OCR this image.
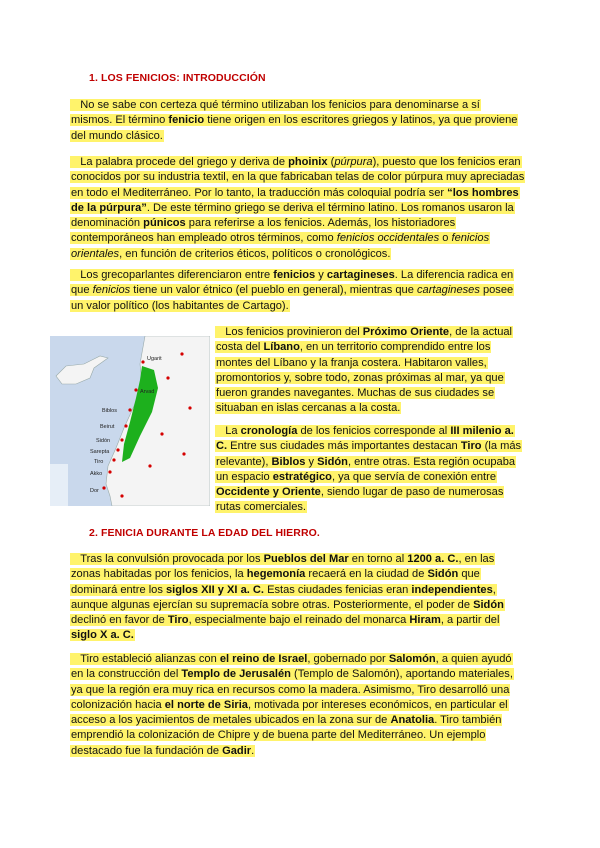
1. LOS FENICIOS: INTRODUCCIÓN
No se sabe con certeza qué término utilizaban los fenicios para denominarse a sí mismos. El término fenicio tiene origen en los escritores griegos y latinos, ya que proviene del mundo clásico.
La palabra procede del griego y deriva de phoinix (púrpura), puesto que los fenicios eran conocidos por su industria textil, en la que fabricaban telas de color púrpura muy apreciadas en todo el Mediterráneo. Por lo tanto, la traducción más coloquial podría ser “los hombres de la púrpura”. De este término griego se deriva el término latino. Los romanos usaron la denominación púnicos para referirse a los fenicios. Además, los historiadores contemporáneos han empleado otros términos, como fenicios occidentales o fenicios orientales, en función de criterios éticos, políticos o cronológicos.
Los grecoparlantes diferenciaron entre fenicios y cartagineses. La diferencia radica en que fenicios tiene un valor étnico (el pueblo en general), mientras que cartagineses posee un valor político (los habitantes de Cartago).
Ugarit
Arvad
Biblos
Beirut
Sidón
Sarepta
Tiro
Akko
Dor
Los fenicios provinieron del Próximo Oriente, de la actual costa del Líbano, en un territorio comprendido entre los montes del Líbano y la franja costera. Habitaron valles, promontorios y, sobre todo, zonas próximas al mar, ya que fueron grandes navegantes. Muchas de sus ciudades se situaban en islas cercanas a la costa.
La cronología de los fenicios corresponde al III milenio a. C. Entre sus ciudades más importantes destacan Tiro (la más relevante), Biblos y Sidón, entre otras. Esta región ocupaba un espacio estratégico, ya que servía de conexión entre Occidente y Oriente, siendo lugar de paso de numerosas rutas comerciales.
2. FENICIA DURANTE LA EDAD DEL HIERRO.
Tras la convulsión provocada por los Pueblos del Mar en torno al 1200 a. C., en las zonas habitadas por los fenicios, la hegemonía recaerá en la ciudad de Sidón que dominará entre los siglos XII y XI a. C. Estas ciudades fenicias eran independientes, aunque algunas ejercían su supremacía sobre otras. Posteriormente, el poder de Sidón declinó en favor de Tiro, especialmente bajo el reinado del monarca Hiram, a partir del siglo X a. C.
Tiro estableció alianzas con el reino de Israel, gobernado por Salomón, a quien ayudó en la construcción del Templo de Jerusalén (Templo de Salomón), aportando materiales, ya que la región era muy rica en recursos como la madera. Asimismo, Tiro desarrolló una colonización hacia el norte de Siria, motivada por intereses económicos, en particular el acceso a los yacimientos de metales ubicados en la zona sur de Anatolia. Tiro también emprendió la colonización de Chipre y de buena parte del Mediterráneo. Un ejemplo destacado fue la fundación de Gadir.
